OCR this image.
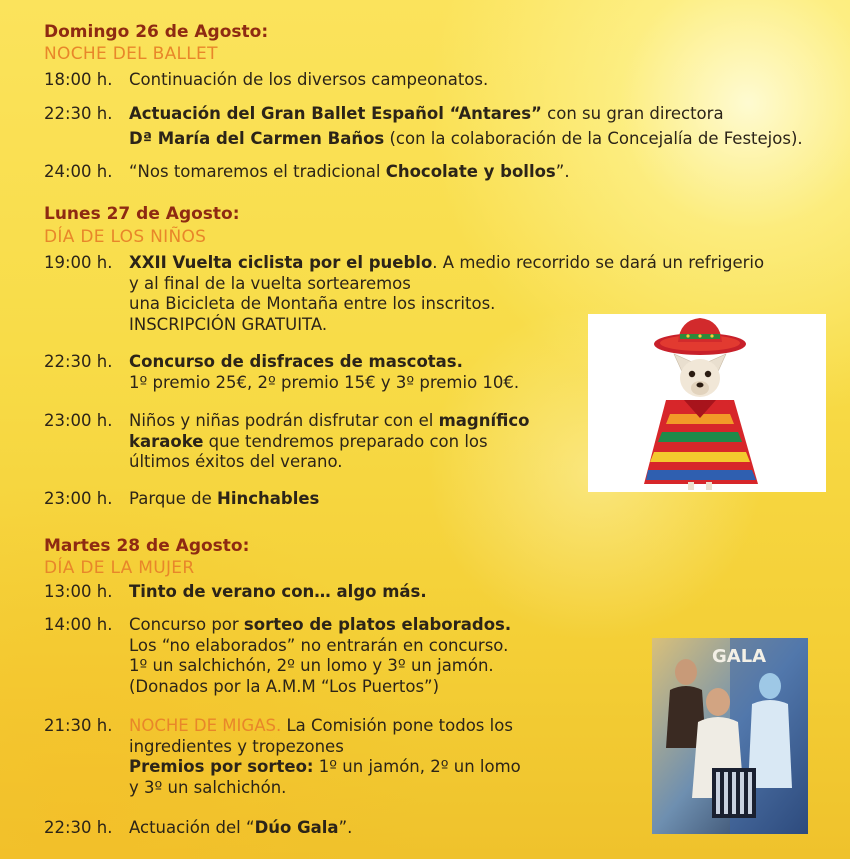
Domingo 26 de Agosto:
NOCHE DEL BALLET
18:00 h.	Continuación de los diversos campeonatos.
22:30 h.	Actuación del Gran Ballet Español “Antares” con su gran directora
Dª María del Carmen Baños (con la colaboración de la Concejalía de Festejos).
24:00 h.	“Nos tomaremos el tradicional Chocolate y bollos”.
Lunes 27 de Agosto:
DÍA DE LOS NIÑOS
19:00 h.	XXII Vuelta ciclista por el pueblo. A medio recorrido se dará un refrigerio
y al final de la vuelta sortearemos
una Bicicleta de Montaña entre los inscritos.
INSCRIPCIÓN GRATUITA.
22:30 h.	Concurso de disfraces de mascotas.
1º premio 25€, 2º premio 15€ y 3º premio 10€.
23:00 h.	Niños y niñas podrán disfrutar con el magnífico
karaoke que tendremos preparado con los
últimos éxitos del verano.
23:00 h.	Parque de Hinchables
Martes 28 de Agosto:
DÍA DE LA MUJER
13:00 h.	Tinto de verano con… algo más.
14:00 h.	Concurso por sorteo de platos elaborados.
Los “no elaborados” no entrarán en concurso.
1º un salchichón, 2º un lomo y 3º un jamón.
(Donados por la A.M.M “Los Puertos”)
21:30 h.	NOCHE DE MIGAS. La Comisión pone todos los
ingredientes y tropezones
Premios por sorteo: 1º un jamón, 2º un lomo
y 3º un salchichón.
22:30 h.	Actuación del “Dúo Gala”.
GALA
